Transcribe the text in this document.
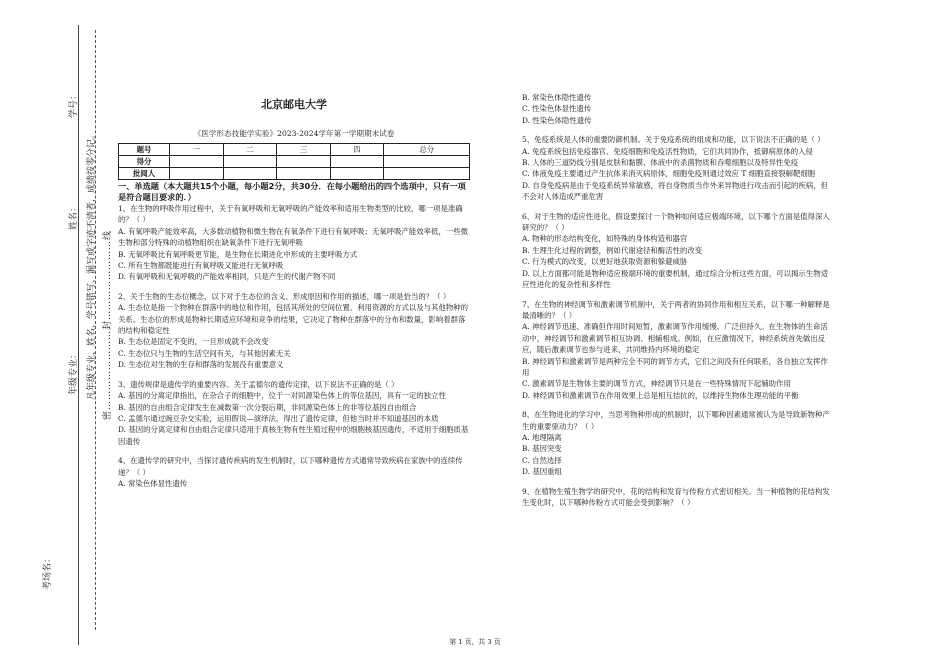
学号：
姓名：
年级专业： 凡年级专业、姓名、学号错写、漏写或字迹不清者，成绩按零分记。 密……………………封……………………线
考场名：
北京邮电大学
《医学形态技能学实验》2023-2024学年第一学期期末试卷
题号	一	二	三	四	总分
得分					
批阅人					
一、单选题（本大题共15个小题，每小题2分，共30分．在每小题给出的四个选项中，只有一项是符合题目要求的．）

1、在生物的呼吸作用过程中，关于有氧呼吸和无氧呼吸的产能效率和适用生物类型的比较，哪一项是准确的？（ ）

A. 有氧呼吸产能效率高，大多数动植物和微生物在有氧条件下进行有氧呼吸；无氧呼吸产能效率低，一些微生物和部分特殊的动植物组织在缺氧条件下进行无氧呼吸

B. 无氧呼吸比有氧呼吸更节能，是生物在长期进化中形成的主要呼吸方式

C. 所有生物都既能进行有氧呼吸又能进行无氧呼吸

D. 有氧呼吸和无氧呼吸的产能效率相同，只是产生的代谢产物不同

2、关于生物的生态位概念，以下对于生态位的含义、形成原因和作用的描述，哪一项是恰当的？（ ）

A. 生态位是指一个物种在群落中的地位和作用，包括其所处的空间位置、利用资源的方式以及与其他物种的关系。生态位的形成是物种长期适应环境和竞争的结果，它决定了物种在群落中的分布和数量，影响着群落的结构和稳定性

B. 生态位是固定不变的，一旦形成就不会改变

C. 生态位只与生物的生活空间有关，与其他因素无关

D. 生态位对生物的生存和群落的发展没有重要意义

3、遗传规律是遗传学的重要内容。关于孟德尔的遗传定律，以下说法不正确的是（ ）

A. 基因的分离定律指出，在杂合子的细胞中，位于一对同源染色体上的等位基因，具有一定的独立性

B. 基因的自由组合定律发生在减数第一次分裂后期，非同源染色体上的非等位基因自由组合

C. 孟德尔通过豌豆杂交实验，运用假说—演绎法，得出了遗传定律，但他当时并不知道基因的本质

D. 基因的分离定律和自由组合定律只适用于真核生物有性生殖过程中的细胞核基因遗传，不适用于细胞质基因遗传

4、在遗传学的研究中，当探讨遗传疾病的发生机制时，以下哪种遗传方式通常导致疾病在家族中的连续传递？（ ）

A. 常染色体显性遗传

B. 常染色体隐性遗传

C. 性染色体显性遗传

D. 性染色体隐性遗传

5、免疫系统是人体的重要防御机制。关于免疫系统的组成和功能，以下说法不正确的是（ ）

A. 免疫系统包括免疫器官、免疫细胞和免疫活性物质，它们共同协作，抵御病原体的入侵

B. 人体的三道防线分别是皮肤和黏膜、体液中的杀菌物质和吞噬细胞以及特异性免疫

C. 体液免疫主要通过产生抗体来消灭病原体，细胞免疫则通过效应 T 细胞直接裂解靶细胞

D. 自身免疫病是由于免疫系统异常敏感，将自身物质当作外来异物进行攻击而引起的疾病，但不会对人体造成严重危害

6、对于生物的适应性进化，假设要探讨一个物种如何适应极端环境，以下哪个方面是值得深入研究的？（ ）

A. 物种的形态结构变化，如特殊的身体构造和器官

B. 生理生化过程的调整，例如代谢途径和酶活性的改变

C. 行为模式的改变，以更好地获取资源和躲避威胁

D. 以上方面都可能是物种适应极端环境的重要机制，通过综合分析这些方面，可以揭示生物适应性进化的复杂性和多样性

7、在生物的神经调节和激素调节机制中，关于两者的协同作用和相互关系，以下哪一种解释是最清晰的？（ ）

A. 神经调节迅速、准确但作用时间短暂，激素调节作用缓慢、广泛但持久。在生物体的生命活动中，神经调节和激素调节相互协调、相辅相成。例如，在应激情况下，神经系统首先做出反应，随后激素调节也参与进来，共同维持内环境的稳定

B. 神经调节和激素调节是两种完全不同的调节方式，它们之间没有任何联系，各自独立发挥作用

C. 激素调节是生物体主要的调节方式，神经调节只是在一些特殊情况下起辅助作用

D. 神经调节和激素调节在作用效果上总是相互拮抗的，以维持生物体生理功能的平衡

8、在生物进化的学习中，当思考物种形成的机制时，以下哪种因素通常被认为是导致新物种产生的重要驱动力？（ ）

A. 地理隔离

B. 基因突变

C. 自然选择

D. 基因重组

9、在植物生殖生物学的研究中，花的结构和发育与传粉方式密切相关。当一种植物的花结构发生变化时，以下哪种传粉方式可能会受到影响？（ ）

第 1 页，共 3 页
